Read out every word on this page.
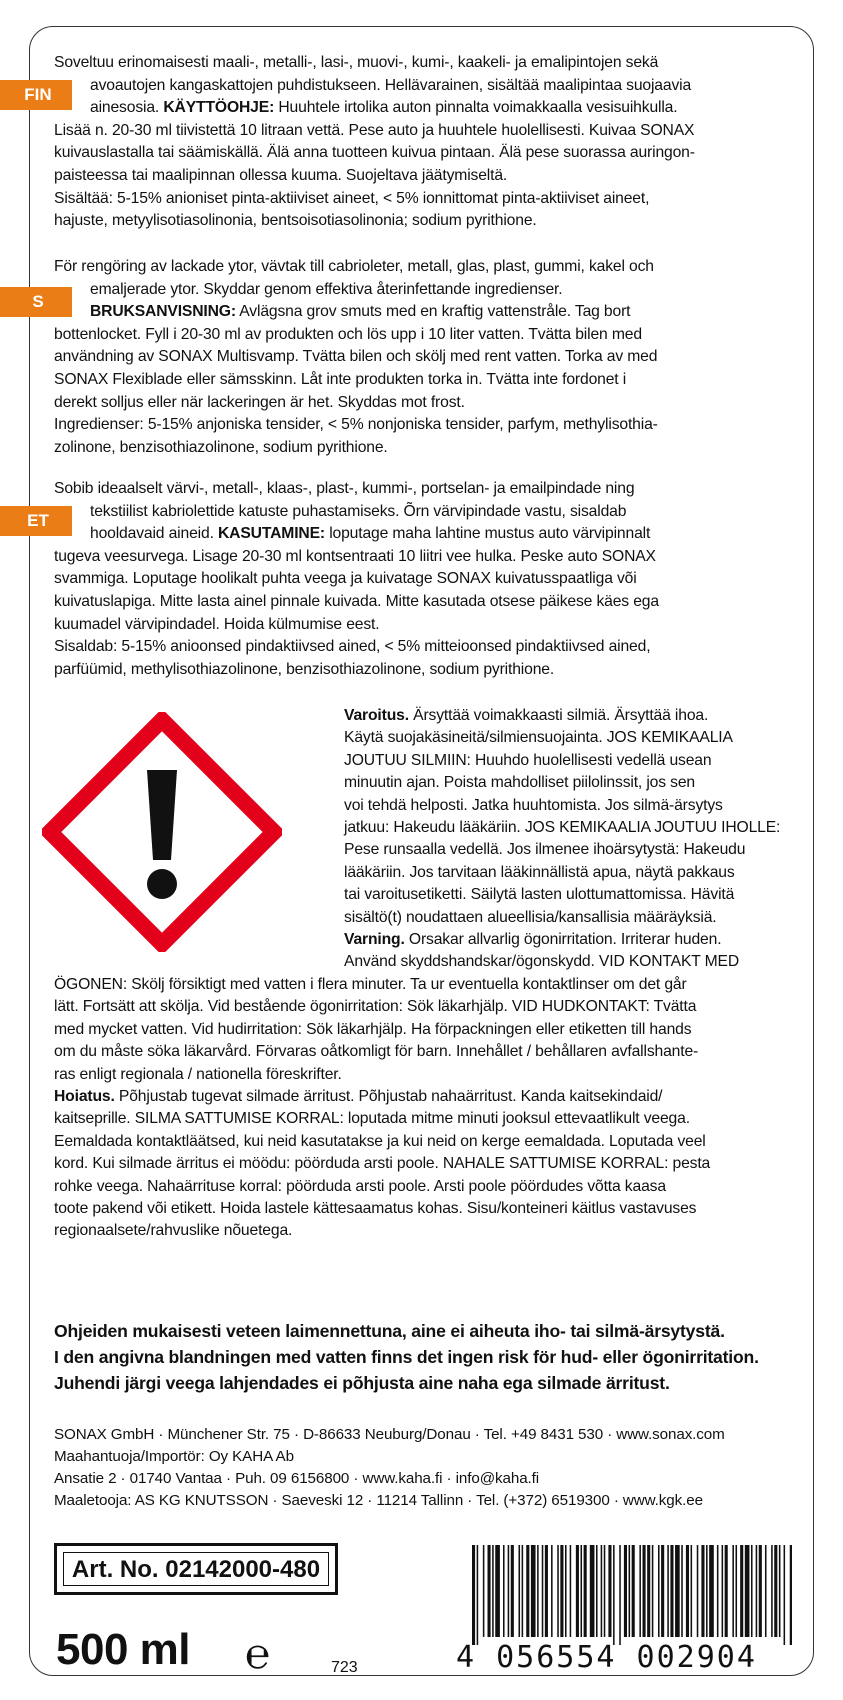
FIN

Soveltuu erinomaisesti maali-, metalli-, lasi-, muovi-, kumi-, kaakeli- ja emalipintojen sekä

avoautojen kangaskattojen puhdistukseen. Hellävarainen, sisältää maalipintaa suojaavia

ainesosia. KÄYTTÖOHJE: Huuhtele irtolika auton pinnalta voimakkaalla vesisuihkulla.

Lisää n. 20-30 ml tiivistettä 10 litraan vettä. Pese auto ja huuhtele huolellisesti. Kuivaa SONAX

kuivauslastalla tai säämiskällä. Älä anna tuotteen kuivua pintaan. Älä pese suorassa auringon-

paisteessa tai maalipinnan ollessa kuuma. Suojeltava jäätymiseltä.

Sisältää: 5-15% anioniset pinta-aktiiviset aineet, < 5% ionnittomat pinta-aktiiviset aineet,

hajuste, metyylisotiasolinonia, bentsoisotiasolinonia; sodium pyrithione.

S

För rengöring av lackade ytor, vävtak till cabrioleter, metall, glas, plast, gummi, kakel och

emaljerade ytor. Skyddar genom effektiva återinfettande ingredienser.

BRUKSANVISNING: Avlägsna grov smuts med en kraftig vattenstråle. Tag bort

bottenlocket. Fyll i 20-30 ml av produkten och lös upp i 10 liter vatten. Tvätta bilen med

användning av SONAX Multisvamp. Tvätta bilen och skölj med rent vatten. Torka av med

SONAX Flexiblade eller sämsskinn. Låt inte produkten torka in. Tvätta inte fordonet i

derekt solljus eller när lackeringen är het. Skyddas mot frost.

Ingredienser: 5-15% anjoniska tensider, < 5% nonjoniska tensider, parfym, methylisothia-

zolinone, benzisothiazolinone, sodium pyrithione.

ET

Sobib ideaalselt värvi-, metall-, klaas-, plast-, kummi-, portselan- ja emailpindade ning

tekstiilist kabriolettide katuste puhastamiseks. Õrn värvipindade vastu, sisaldab

hooldavaid aineid. KASUTAMINE: loputage maha lahtine mustus auto värvipinnalt

tugeva veesurvega. Lisage 20-30 ml kontsentraati 10 liitri vee hulka. Peske auto SONAX

svammiga. Loputage hoolikalt puhta veega ja kuivatage SONAX kuivatusspaatliga või

kuivatuslapiga. Mitte lasta ainel pinnale kuivada. Mitte kasutada otsese päikese käes ega

kuumadel värvipindadel. Hoida külmumise eest.

Sisaldab: 5-15% anioonsed pindaktiivsed ained, < 5% mitteioonsed pindaktiivsed ained,

parfüümid, methylisothiazolinone, benzisothiazolinone, sodium pyrithione.

Varoitus. Ärsyttää voimakkaasti silmiä. Ärsyttää ihoa.

Käytä suojakäsineitä/silmiensuojainta. JOS KEMIKAALIA

JOUTUU SILMIIN: Huuhdo huolellisesti vedellä usean

minuutin ajan. Poista mahdolliset piilolinssit, jos sen

voi tehdä helposti. Jatka huuhtomista. Jos silmä-ärsytys

jatkuu: Hakeudu lääkäriin. JOS KEMIKAALIA JOUTUU IHOLLE:

Pese runsaalla vedellä. Jos ilmenee ihoärsytystä: Hakeudu

lääkäriin. Jos tarvitaan lääkinnällistä apua, näytä pakkaus

tai varoitusetiketti. Säilytä lasten ulottumattomissa. Hävitä

sisältö(t) noudattaen alueellisia/kansallisia määräyksiä.

Varning. Orsakar allvarlig ögonirritation. Irriterar huden.

Använd skyddshandskar/ögonskydd. VID KONTAKT MED

ÖGONEN: Skölj försiktigt med vatten i flera minuter. Ta ur eventuella kontaktlinser om det går

lätt. Fortsätt att skölja. Vid bestående ögonirritation: Sök läkarhjälp. VID HUDKONTAKT: Tvätta

med mycket vatten. Vid hudirritation: Sök läkarhjälp. Ha förpackningen eller etiketten till hands

om du måste söka läkarvård. Förvaras oåtkomligt för barn. Innehållet / behållaren avfallshante-

ras enligt regionala / nationella föreskrifter.

Hoiatus. Põhjustab tugevat silmade ärritust. Põhjustab nahaärritust. Kanda kaitsekindaid/

kaitseprille. SILMA SATTUMISE KORRAL: loputada mitme minuti jooksul ettevaatlikult veega.

Eemaldada kontaktläätsed, kui neid kasutatakse ja kui neid on kerge eemaldada. Loputada veel

kord. Kui silmade ärritus ei möödu: pöörduda arsti poole. NAHALE SATTUMISE KORRAL: pesta

rohke veega. Nahaärrituse korral: pöörduda arsti poole. Arsti poole pöördudes võtta kaasa

toote pakend või etikett. Hoida lastele kättesaamatus kohas. Sisu/konteineri käitlus vastavuses

regionaalsete/rahvuslike nõuetega.

Ohjeiden mukaisesti veteen laimennettuna, aine ei aiheuta iho- tai silmä-ärsytystä.
I den angivna blandningen med vatten finns det ingen risk för hud- eller ögonirritation.
Juhendi järgi veega lahjendades ei põhjusta aine naha ega silmade ärritust.
SONAX GmbH · Münchener Str. 75 · D-86633 Neuburg/Donau · Tel. +49 8431 530 · www.sonax.com
Maahantuoja/Importör: Oy KAHA Ab
Ansatie 2 · 01740 Vantaa · Puh. 09 6156800 · www.kaha.fi · info@kaha.fi
Maaletooja: AS KG KNUTSSON · Saeveski 12 · 11214 Tallinn · Tel. (+372) 6519300 · www.kgk.ee
Art. No. 02142000-480
500 ml ℮	723	4 056554 002904
